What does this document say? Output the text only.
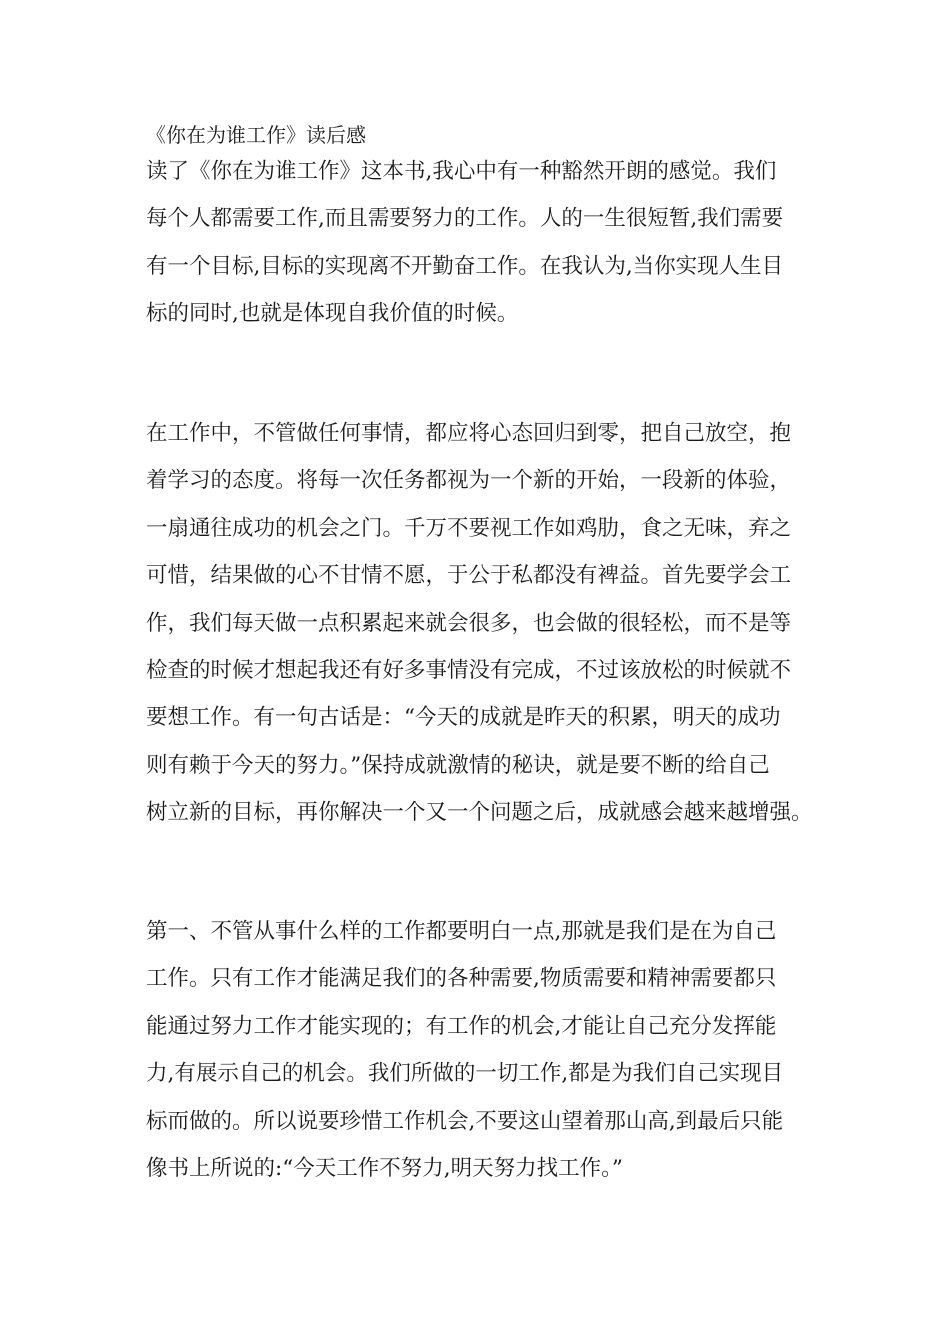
《你在为谁工作》读后感
读了《你在为谁工作》这本书,我心中有一种豁然开朗的感觉。我们
每个人都需要工作,而且需要努力的工作。人的一生很短暂,我们需要
有一个目标,目标的实现离不开勤奋工作。在我认为,当你实现人生目
标的同时,也就是体现自我价值的时候。
在工作中，不管做任何事情，都应将心态回归到零，把自己放空，抱
着学习的态度。将每一次任务都视为一个新的开始，一段新的体验，
一扇通往成功的机会之门。千万不要视工作如鸡肋，食之无味，弃之
可惜，结果做的心不甘情不愿，于公于私都没有裨益。首先要学会工
作，我们每天做一点积累起来就会很多，也会做的很轻松，而不是等
检查的时候才想起我还有好多事情没有完成，不过该放松的时候就不
要想工作。有一句古话是：“今天的成就是昨天的积累，明天的成功
则有赖于今天的努力。”保持成就激情的秘诀，就是要不断的给自己
树立新的目标，再你解决一个又一个问题之后，成就感会越来越增强。
第一、不管从事什么样的工作都要明白一点,那就是我们是在为自己
工作。只有工作才能满足我们的各种需要,物质需要和精神需要都只
能通过努力工作才能实现的；有工作的机会,才能让自己充分发挥能
力,有展示自己的机会。我们所做的一切工作,都是为我们自己实现目
标而做的。所以说要珍惜工作机会,不要这山望着那山高,到最后只能
像书上所说的:“今天工作不努力,明天努力找工作。”
